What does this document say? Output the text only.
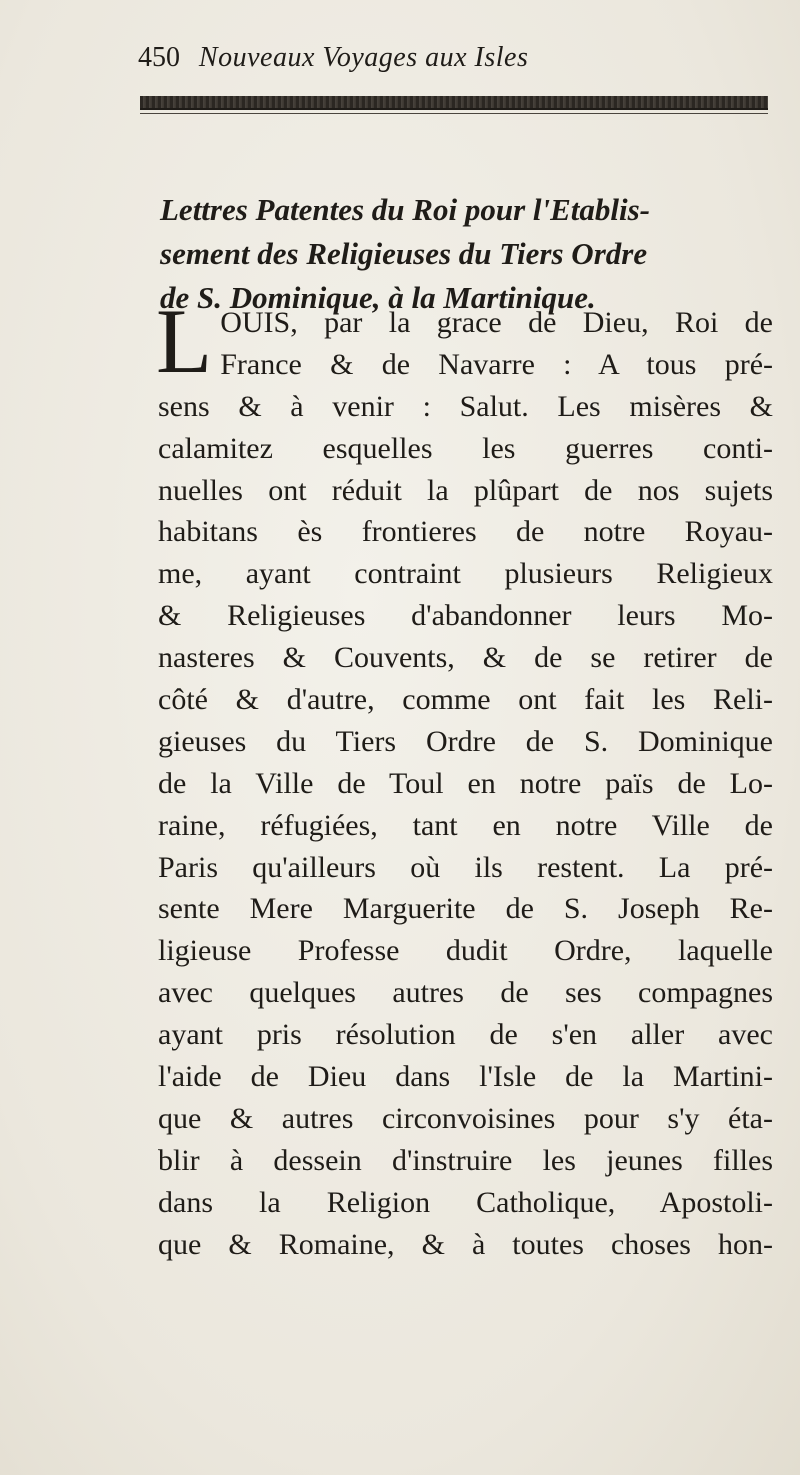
450 Nouveaux Voyages aux Isles
Lettres Patentes du Roi pour l'Etablis-
sement des Religieuses du Tiers Ordre
de S. Dominique, à la Martinique.
L OUIS, par la grace de Dieu, Roi de
France & de Navarre : A tous pré-
sens & à venir : Salut. Les misères &
calamitez esquelles les guerres conti-
nuelles ont réduit la plûpart de nos sujets
habitans ès frontieres de notre Royau-
me, ayant contraint plusieurs Religieux
& Religieuses d'abandonner leurs Mo-
nasteres & Couvents, & de se retirer de
côté & d'autre, comme ont fait les Reli-
gieuses du Tiers Ordre de S. Dominique
de la Ville de Toul en notre païs de Lo-
raine, réfugiées, tant en notre Ville de
Paris qu'ailleurs où ils restent. La pré-
sente Mere Marguerite de S. Joseph Re-
ligieuse Professe dudit Ordre, laquelle
avec quelques autres de ses compagnes
ayant pris résolution de s'en aller avec
l'aide de Dieu dans l'Isle de la Martini-
que & autres circonvoisines pour s'y éta-
blir à dessein d'instruire les jeunes filles
dans la Religion Catholique, Apostoli-
que & Romaine, & à toutes choses hon-
